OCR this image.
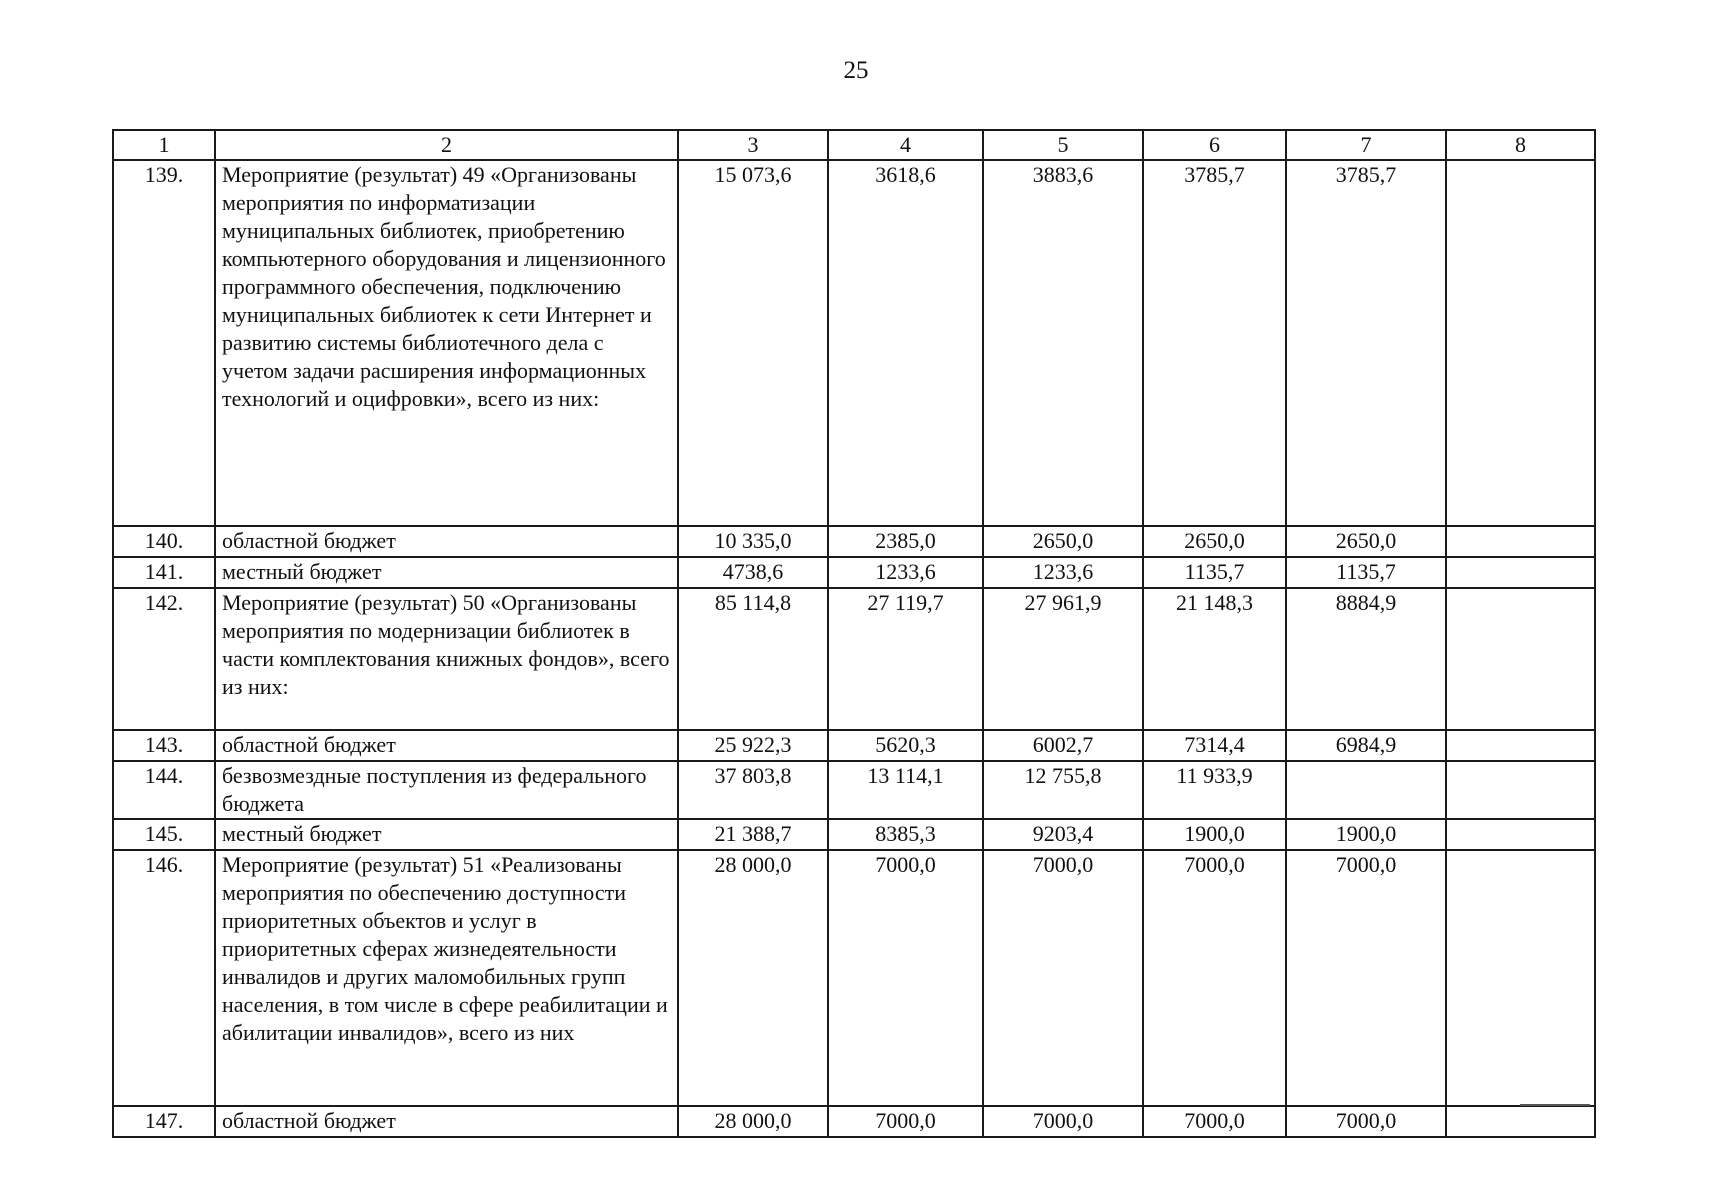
25
1	2	3	4	5	6	7	8
139.	Мероприятие (результат) 49 «Организованы мероприятия по информатизации муниципальных библиотек, приобретению компьютерного оборудования и лицензионного программного обеспечения, подключению муниципальных библиотек к сети Интернет и развитию системы библиотечного дела с учетом задачи расширения информационных технологий и оцифровки», всего из них:	15 073,6	3618,6	3883,6	3785,7	3785,7	
140.	областной бюджет	10 335,0	2385,0	2650,0	2650,0	2650,0	
141.	местный бюджет	4738,6	1233,6	1233,6	1135,7	1135,7	
142.	Мероприятие (результат) 50 «Организованы мероприятия по модернизации библиотек в части комплектования книжных фондов», всего из них:	85 114,8	27 119,7	27 961,9	21 148,3	8884,9	
143.	областной бюджет	25 922,3	5620,3	6002,7	7314,4	6984,9	
144.	безвозмездные поступления из федерального бюджета	37 803,8	13 114,1	12 755,8	11 933,9		
145.	местный бюджет	21 388,7	8385,3	9203,4	1900,0	1900,0	
146.	Мероприятие (результат) 51 «Реализованы мероприятия по обеспечению доступности приоритетных объектов и услуг в приоритетных сферах жизнедеятельности инвалидов и других маломобильных групп населения, в том числе в сфере реабилитации и абилитации инвалидов», всего из них	28 000,0	7000,0	7000,0	7000,0	7000,0	
147.	областной бюджет	28 000,0	7000,0	7000,0	7000,0	7000,0	
